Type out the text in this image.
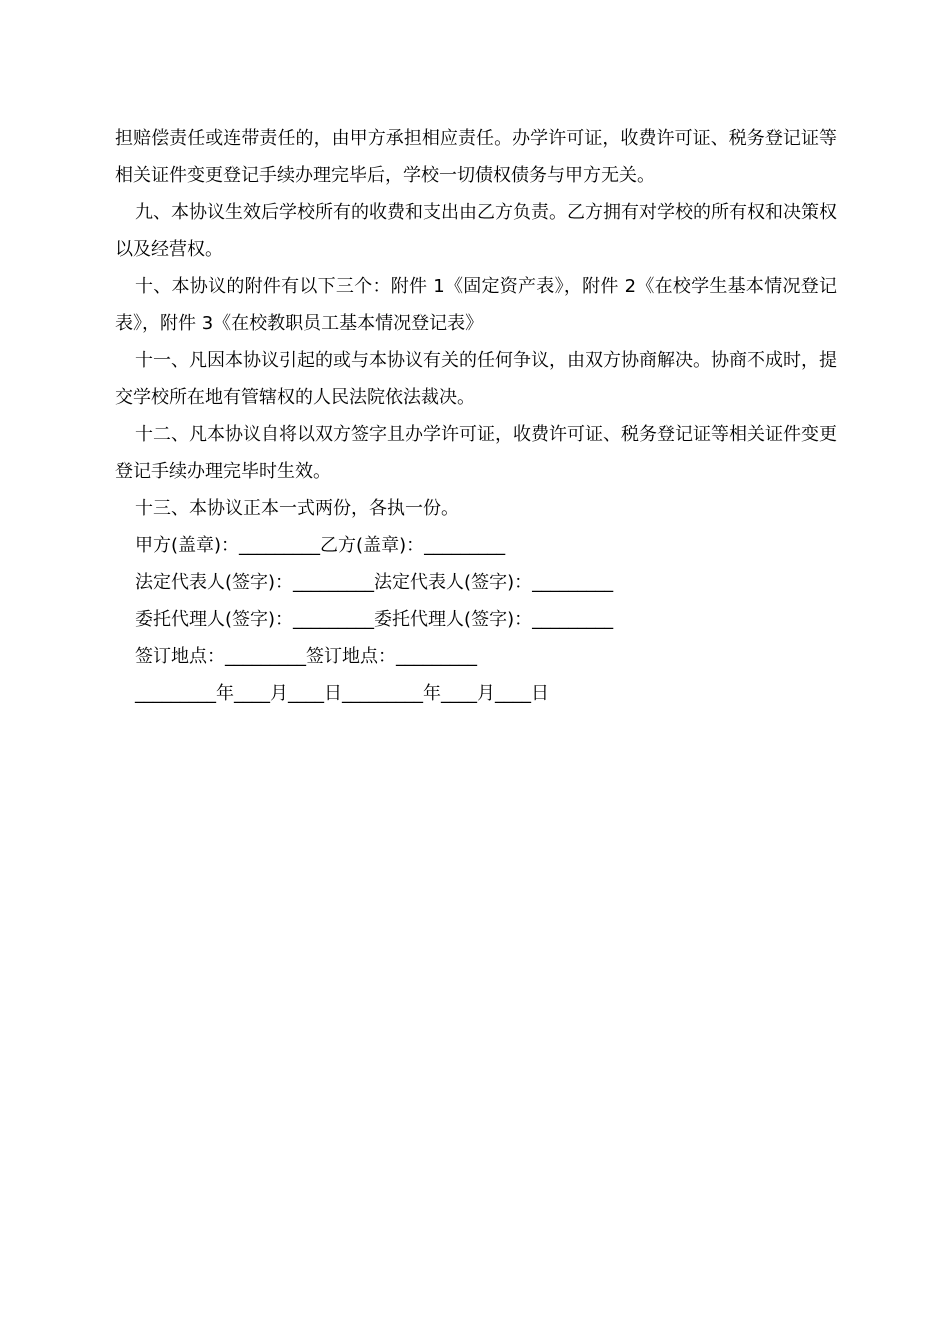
担赔偿责任或连带责任的，由甲方承担相应责任。办学许可证，收费许可证、税务登记证等相关证件变更登记手续办理完毕后，学校一切债权债务与甲方无关。

九、本协议生效后学校所有的收费和支出由乙方负责。乙方拥有对学校的所有权和决策权以及经营权。

十、本协议的附件有以下三个：附件 1《固定资产表》，附件 2《在校学生基本情况登记表》，附件 3《在校教职员工基本情况登记表》

十一、凡因本协议引起的或与本协议有关的任何争议，由双方协商解决。协商不成时，提交学校所在地有管辖权的人民法院依法裁决。

十二、凡本协议自将以双方签字且办学许可证，收费许可证、税务登记证等相关证件变更登记手续办理完毕时生效。

十三、本协议正本一式两份，各执一份。

甲方(盖章)：_________乙方(盖章)：_________

法定代表人(签字)：_________法定代表人(签字)：_________

委托代理人(签字)：_________委托代理人(签字)：_________

签订地点：_________签订地点：_________

_________年____月____日_________年____月____日
